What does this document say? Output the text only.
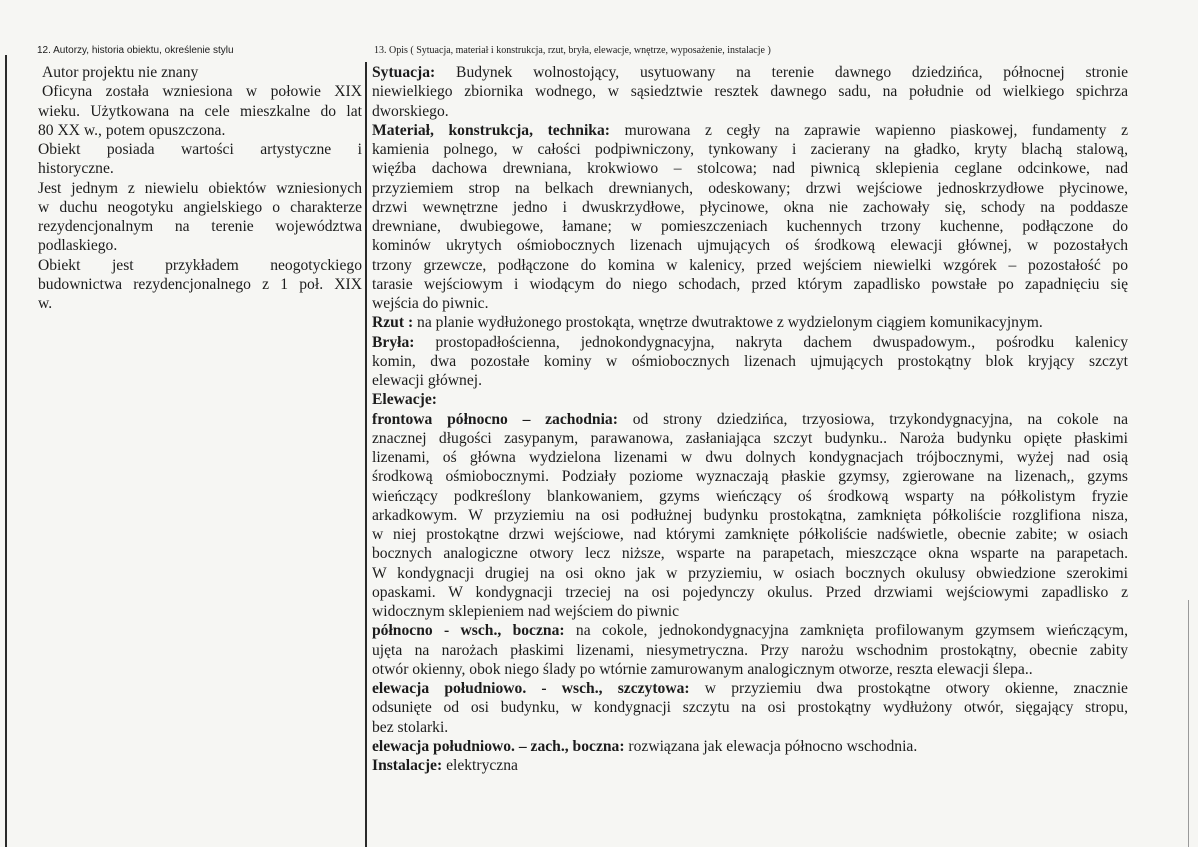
12. Autorzy, historia obiektu, określenie stylu	13. Opis ( Sytuacja, materiał i konstrukcja, rzut, bryła, elewacje, wnętrze, wyposażenie, instalacje )
Autor projektu nie znany
Oficyna została wzniesiona w połowie XIX
wieku. Użytkowana na cele mieszkalne do lat
80 XX w., potem opuszczona.
Obiekt posiada wartości artystyczne i
historyczne.
Jest jednym z niewielu obiektów wzniesionych
w duchu neogotyku angielskiego o charakterze
rezydencjonalnym na terenie województwa
podlaskiego.
Obiekt jest przykładem neogotyckiego
budownictwa rezydencjonalnego z 1 poł. XIX
w.
Sytuacja: Budynek wolnostojący, usytuowany na terenie dawnego dziedzińca, północnej stronie
niewielkiego zbiornika wodnego, w sąsiedztwie resztek dawnego sadu, na południe od wielkiego spichrza
dworskiego.
Materiał, konstrukcja, technika: murowana z cegły na zaprawie wapienno piaskowej, fundamenty z
kamienia polnego, w całości podpiwniczony, tynkowany i zacierany na gładko, kryty blachą stalową,
więźba dachowa drewniana, krokwiowo – stolcowa; nad piwnicą sklepienia ceglane odcinkowe, nad
przyziemiem strop na belkach drewnianych, odeskowany; drzwi wejściowe jednoskrzydłowe płycinowe,
drzwi wewnętrzne jedno i dwuskrzydłowe, płycinowe, okna nie zachowały się, schody na poddasze
drewniane, dwubiegowe, łamane; w pomieszczeniach kuchennych trzony kuchenne, podłączone do
kominów ukrytych ośmiobocznych lizenach ujmujących oś środkową elewacji głównej, w pozostałych
trzony grzewcze, podłączone do komina w kalenicy, przed wejściem niewielki wzgórek – pozostałość po
tarasie wejściowym i wiodącym do niego schodach, przed którym zapadlisko powstałe po zapadnięciu się
wejścia do piwnic.
Rzut : na planie wydłużonego prostokąta, wnętrze dwutraktowe z wydzielonym ciągiem komunikacyjnym.
Bryła: prostopadłościenna, jednokondygnacyjna, nakryta dachem dwuspadowym., pośrodku kalenicy
komin, dwa pozostałe kominy w ośmiobocznych lizenach ujmujących prostokątny blok kryjący szczyt
elewacji głównej.
Elewacje:
frontowa północno – zachodnia: od strony dziedzińca, trzyosiowa, trzykondygnacyjna, na cokole na
znacznej długości zasypanym, parawanowa, zasłaniająca szczyt budynku.. Naroża budynku opięte płaskimi
lizenami, oś główna wydzielona lizenami w dwu dolnych kondygnacjach trójbocznymi, wyżej nad osią
środkową ośmiobocznymi. Podziały poziome wyznaczają płaskie gzymsy, zgierowane na lizenach,, gzyms
wieńczący podkreślony blankowaniem, gzyms wieńczący oś środkową wsparty na półkolistym fryzie
arkadkowym. W przyziemiu na osi podłużnej budynku prostokątna, zamknięta półkoliście rozglifiona nisza,
w niej prostokątne drzwi wejściowe, nad którymi zamknięte półkoliście nadświetle, obecnie zabite; w osiach
bocznych analogiczne otwory lecz niższe, wsparte na parapetach, mieszczące okna wsparte na parapetach.
W kondygnacji drugiej na osi okno jak w przyziemiu, w osiach bocznych okulusy obwiedzione szerokimi
opaskami. W kondygnacji trzeciej na osi pojedynczy okulus. Przed drzwiami wejściowymi zapadlisko z
widocznym sklepieniem nad wejściem do piwnic
północno - wsch., boczna: na cokole, jednokondygnacyjna zamknięta profilowanym gzymsem wieńczącym,
ujęta na narożach płaskimi lizenami, niesymetryczna. Przy narożu wschodnim prostokątny, obecnie zabity
otwór okienny, obok niego ślady po wtórnie zamurowanym analogicznym otworze, reszta elewacji ślepa..
elewacja południowo. - wsch., szczytowa: w przyziemiu dwa prostokątne otwory okienne, znacznie
odsunięte od osi budynku, w kondygnacji szczytu na osi prostokątny wydłużony otwór, sięgający stropu,
bez stolarki.
elewacja południowo. – zach., boczna: rozwiązana jak elewacja północno wschodnia.
Instalacje: elektryczna
